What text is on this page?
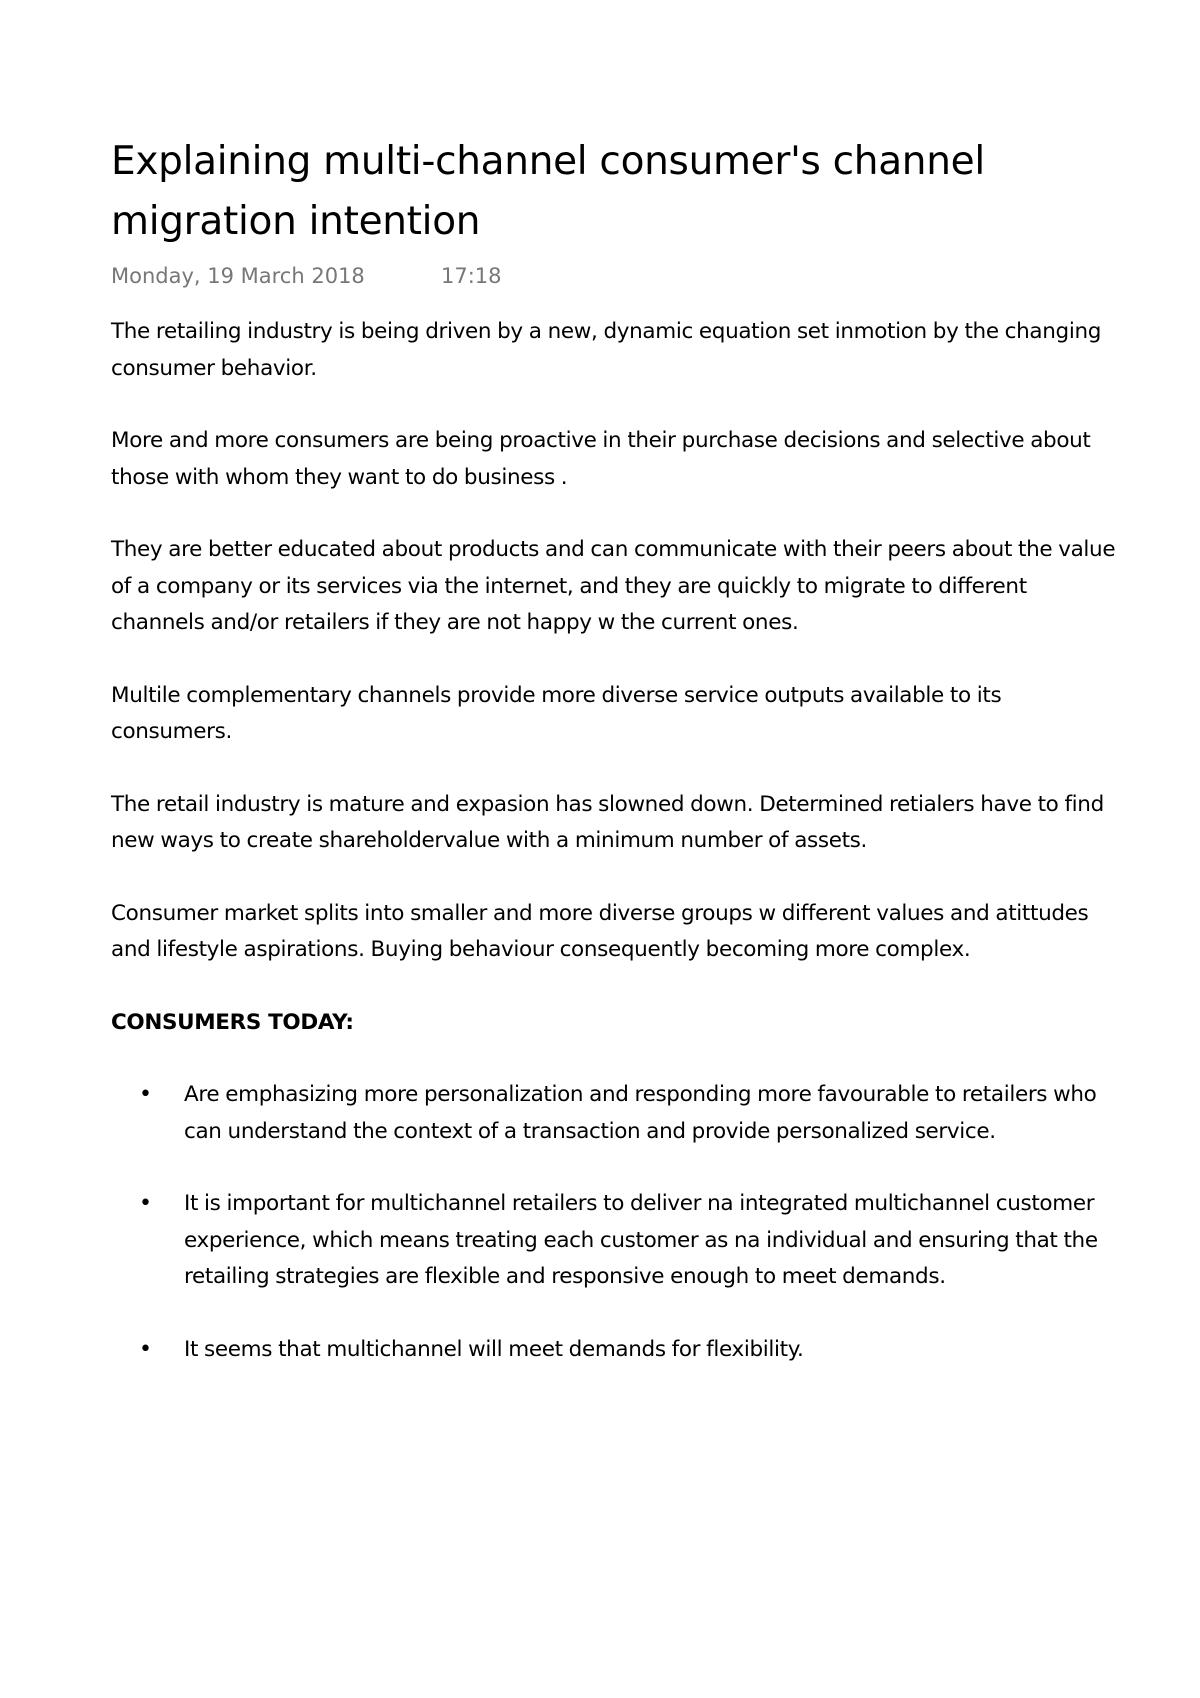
Explaining multi-channel consumer's channel migration intention
Monday, 19 March 2018	17:18

The retailing industry is being driven by a new, dynamic equation set inmotion by the changing consumer behavior.

More and more consumers are being proactive in their purchase decisions and selective about those with whom they want to do business .

They are better educated about products and can communicate with their peers about the value of a company or its services via the internet, and they are quickly to migrate to different channels and/or retailers if they are not happy w the current ones.

Multile complementary channels provide more diverse service outputs available to its consumers.

The retail industry is mature and expasion has slowned down. Determined retialers have to find new ways to create shareholdervalue with a minimum number of assets.

Consumer market splits into smaller and more diverse groups w different values and atittudes and lifestyle aspirations. Buying behaviour consequently becoming more complex.

CONSUMERS TODAY:

• Are emphasizing more personalization and responding more favourable to retailers who can understand the context of a transaction and provide personalized service.
• It is important for multichannel retailers to deliver na integrated multichannel customer experience, which means treating each customer as na individual and ensuring that the retailing strategies are flexible and responsive enough to meet demands.
• It seems that multichannel will meet demands for flexibility.
